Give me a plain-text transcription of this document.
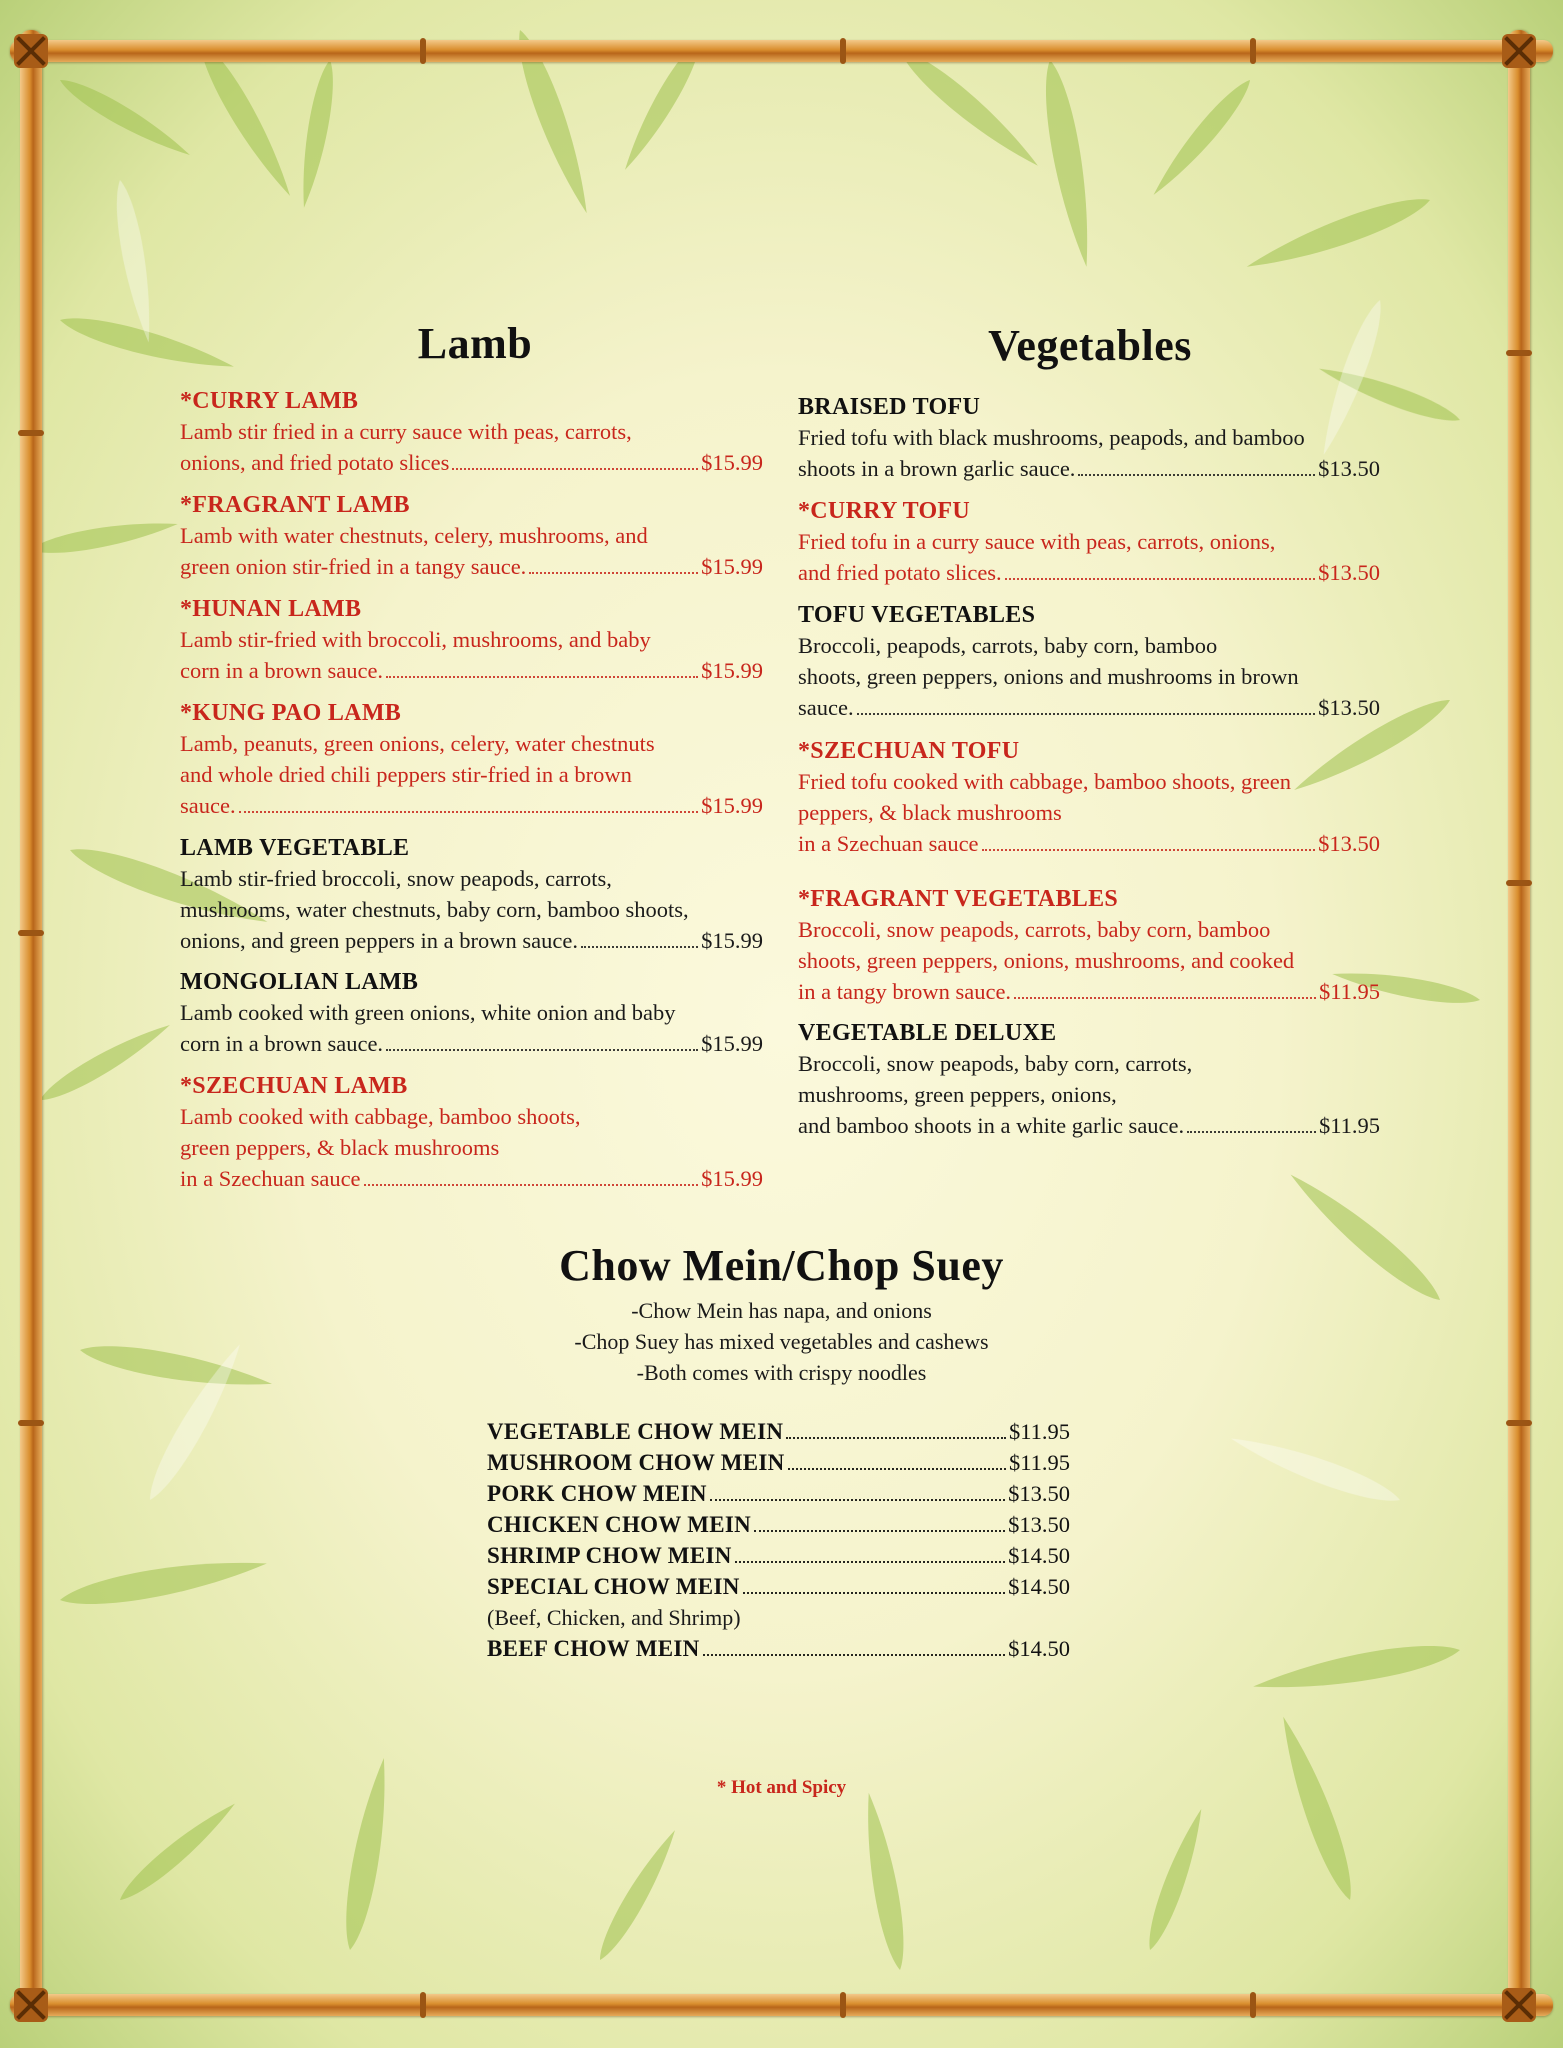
Lamb
*CURRY LAMB
Lamb stir fried in a curry sauce with peas, carrots,
onions, and fried potato slices	$15.99
*FRAGRANT LAMB
Lamb with water chestnuts, celery, mushrooms, and
green onion stir-fried in a tangy sauce.	$15.99
*HUNAN LAMB
Lamb stir-fried with broccoli, mushrooms, and baby
corn in a brown sauce.	$15.99
*KUNG PAO LAMB
Lamb, peanuts, green onions, celery, water chestnuts
and whole dried chili peppers stir-fried in a brown
sauce.	$15.99
LAMB VEGETABLE
Lamb stir-fried broccoli, snow peapods, carrots,
mushrooms, water chestnuts, baby corn, bamboo shoots,
onions, and green peppers in a brown sauce.	$15.99
MONGOLIAN LAMB
Lamb cooked with green onions, white onion and baby
corn in a brown sauce.	$15.99
*SZECHUAN LAMB
Lamb cooked with cabbage, bamboo shoots,
green peppers, & black mushrooms
in a Szechuan sauce	$15.99
Vegetables
BRAISED TOFU
Fried tofu with black mushrooms, peapods, and bamboo
shoots in a brown garlic sauce.	$13.50
*CURRY TOFU
Fried tofu in a curry sauce with peas, carrots, onions,
and fried potato slices.	$13.50
TOFU VEGETABLES
Broccoli, peapods, carrots, baby corn, bamboo
shoots, green peppers, onions and mushrooms in brown
sauce.	$13.50
*SZECHUAN TOFU
Fried tofu cooked with cabbage, bamboo shoots, green
peppers, & black mushrooms
in a Szechuan sauce	$13.50
*FRAGRANT VEGETABLES
Broccoli, snow peapods, carrots, baby corn, bamboo
shoots, green peppers, onions, mushrooms, and cooked
in a tangy brown sauce.	$11.95
VEGETABLE DELUXE
Broccoli, snow peapods, baby corn, carrots,
mushrooms, green peppers, onions,
and bamboo shoots in a white garlic sauce.	$11.95
Chow Mein/Chop Suey
-Chow Mein has napa, and onions
-Chop Suey has mixed vegetables and cashews
-Both comes with crispy noodles
VEGETABLE CHOW MEIN	$11.95
MUSHROOM CHOW MEIN	$11.95
PORK CHOW MEIN	$13.50
CHICKEN CHOW MEIN	$13.50
SHRIMP CHOW MEIN	$14.50
SPECIAL CHOW MEIN	$14.50
(Beef, Chicken, and Shrimp)
BEEF CHOW MEIN	$14.50
* Hot and Spicy
